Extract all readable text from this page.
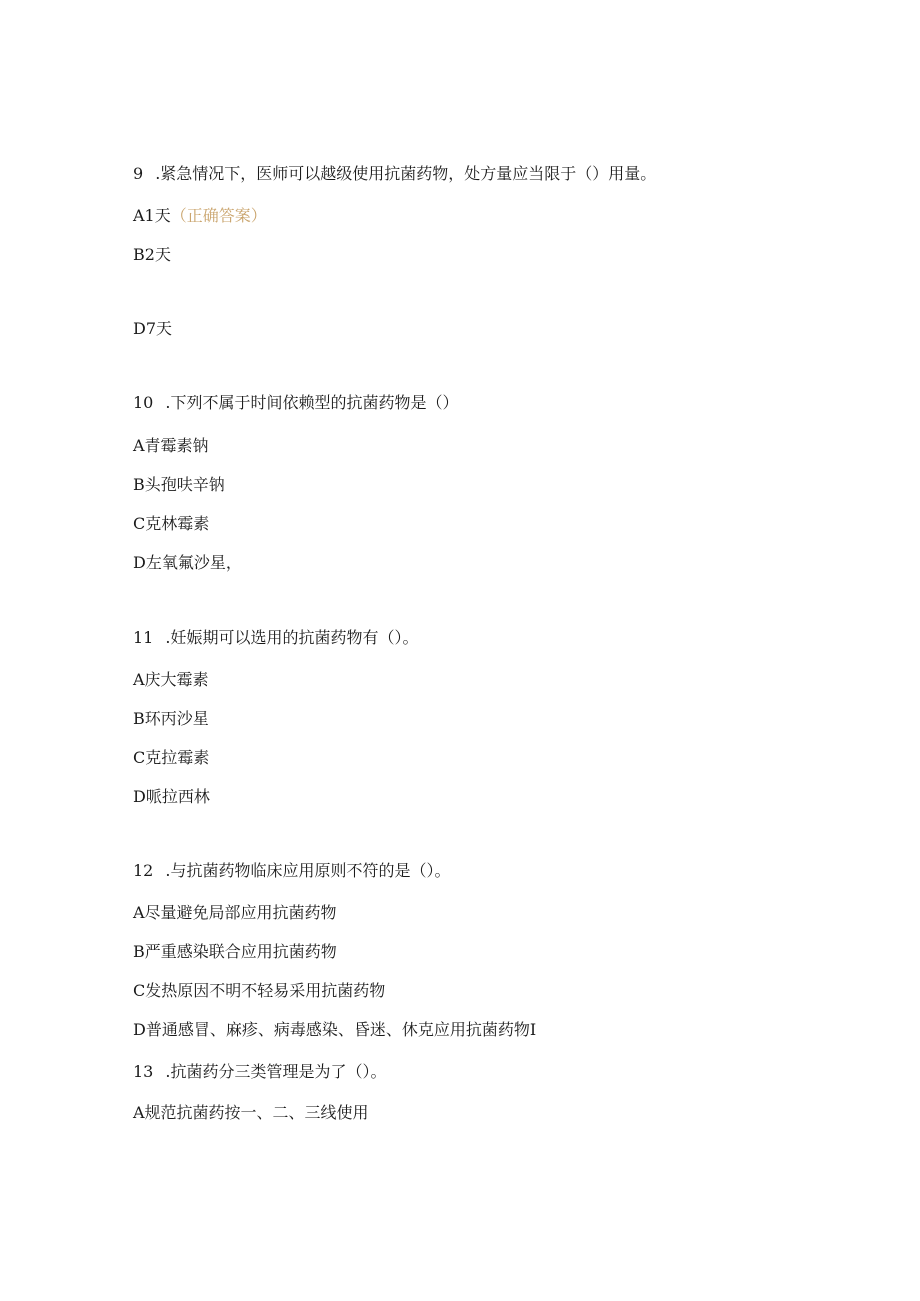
9 .紧急情况下，医师可以越级使用抗菌药物，处方量应当限于（）用量。
A1天（正确答案）
B2天
D7天
10 .下列不属于时间依赖型的抗菌药物是（）
A青霉素钠
B头孢呋辛钠
C克林霉素
D左氧氟沙星，
11 .妊娠期可以选用的抗菌药物有（）。
A庆大霉素
B环丙沙星
C克拉霉素
D哌拉西林
12 .与抗菌药物临床应用原则不符的是（）。
A尽量避免局部应用抗菌药物
B严重感染联合应用抗菌药物
C发热原因不明不轻易采用抗菌药物
D普通感冒、麻疹、病毒感染、昏迷、休克应用抗菌药物I
13 .抗菌药分三类管理是为了（）。
A规范抗菌药按一、二、三线使用
